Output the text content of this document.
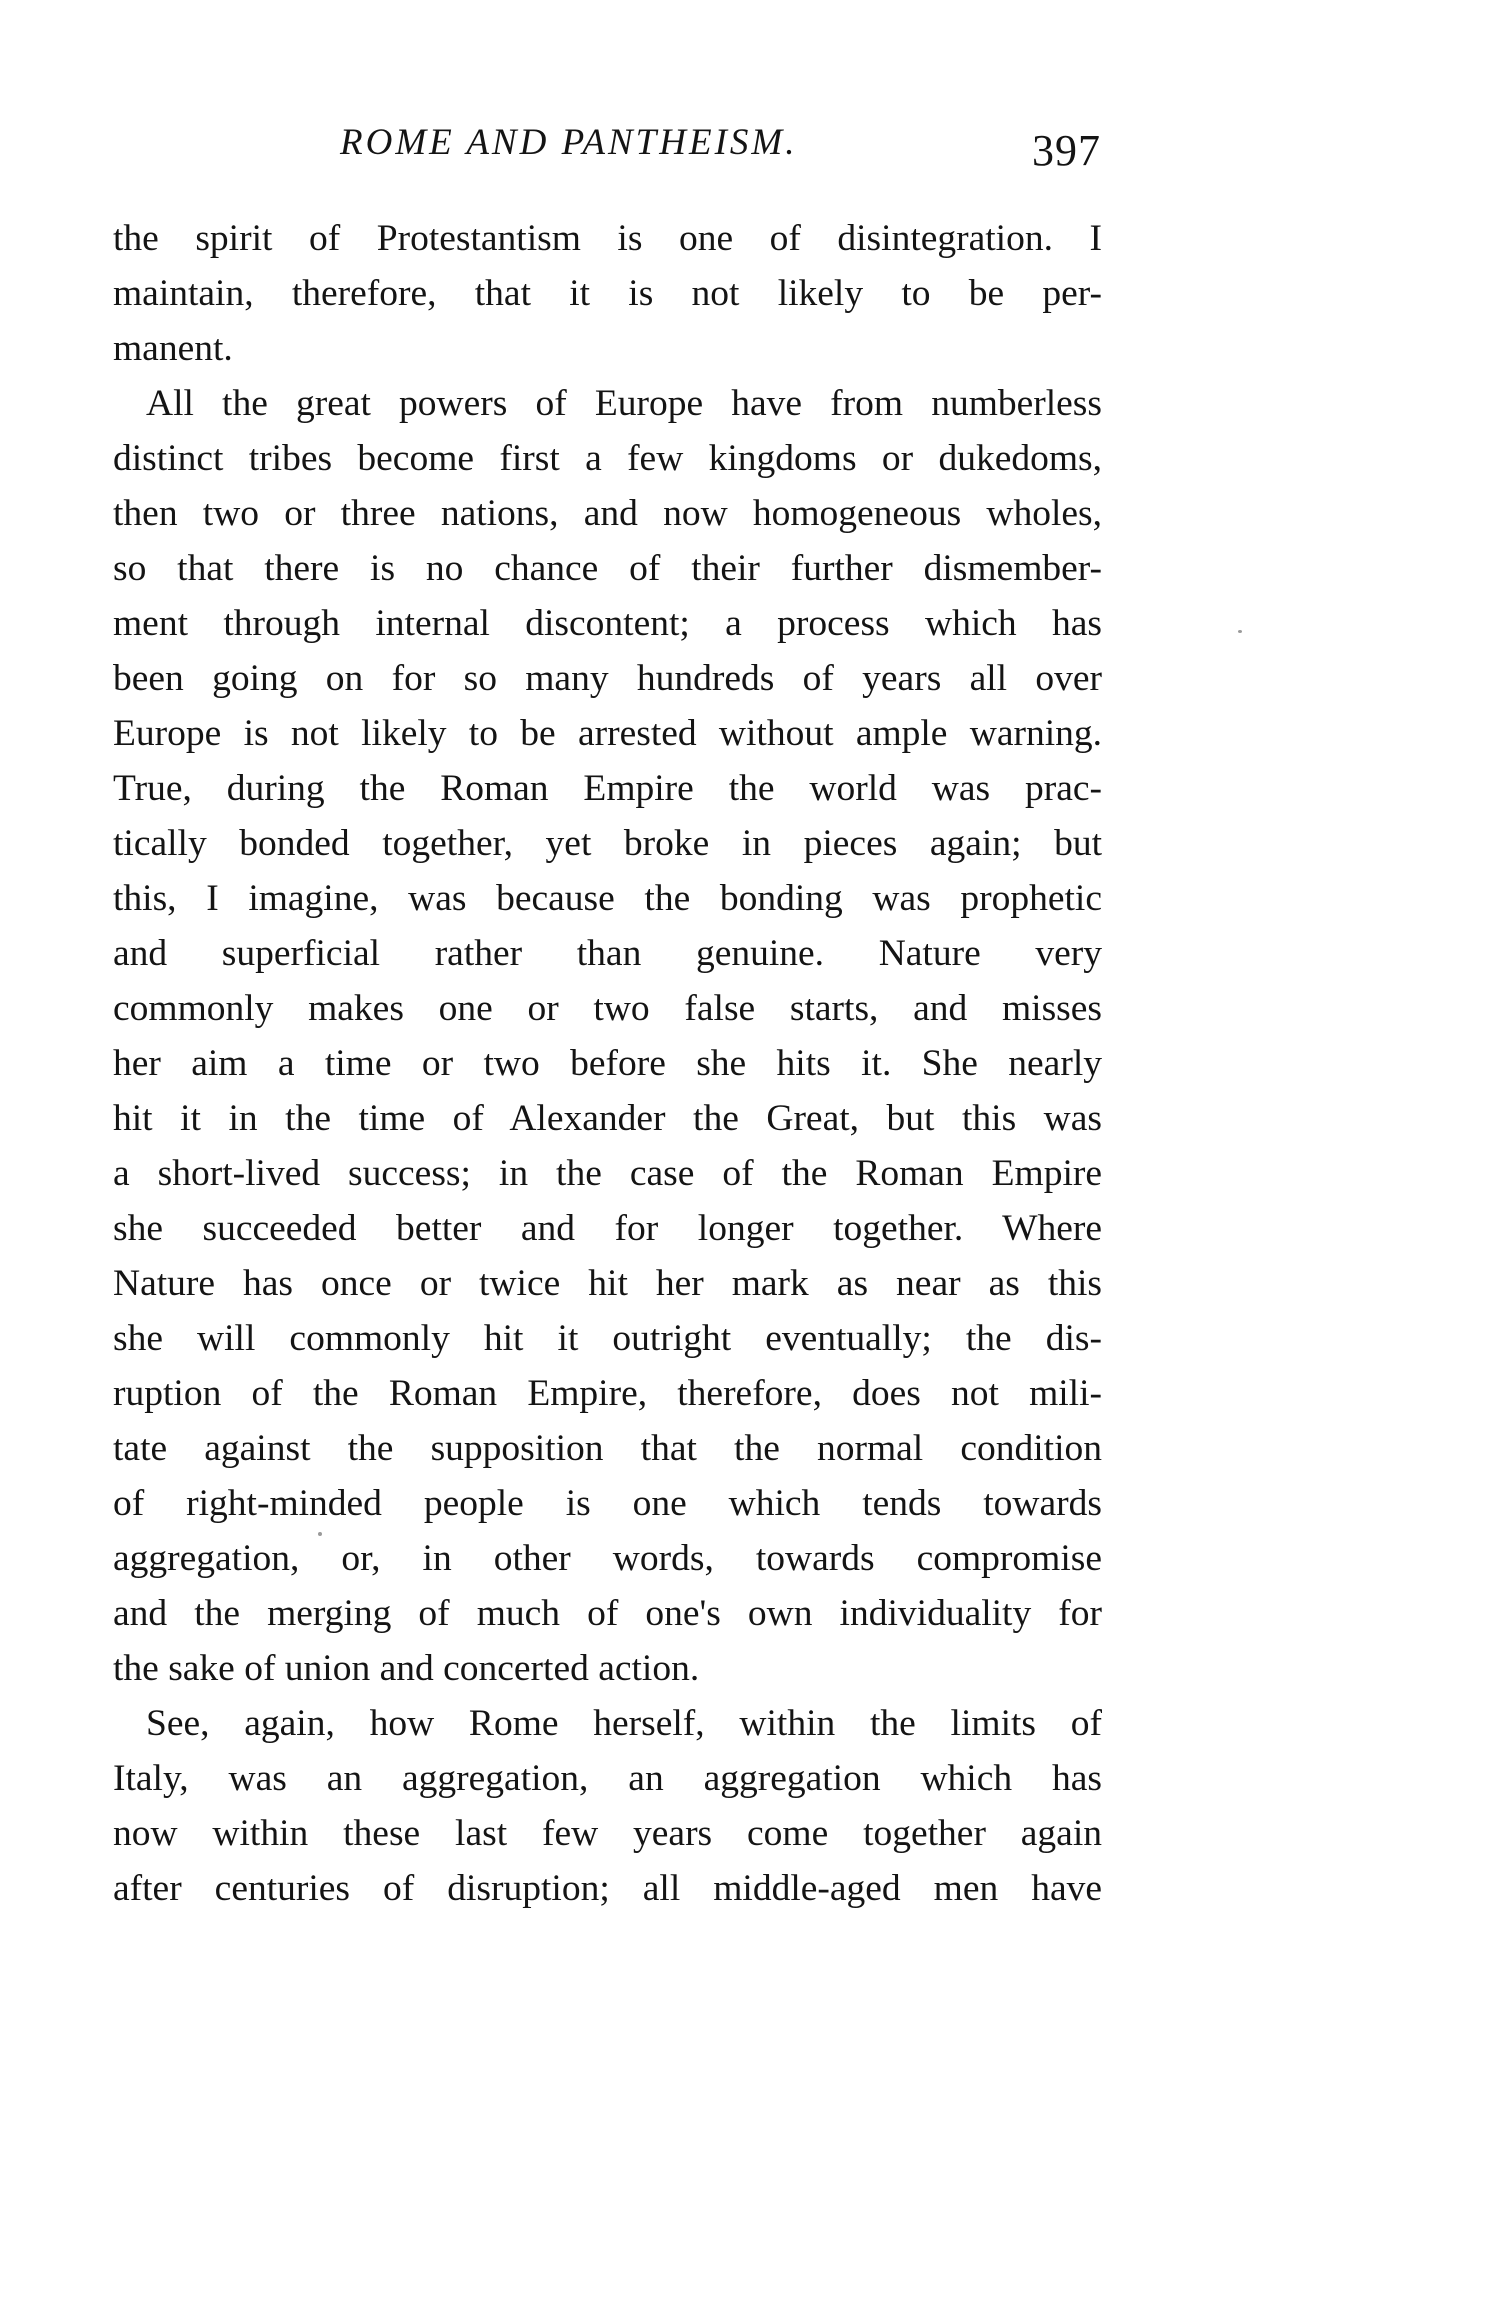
ROME AND PANTHEISM.	397
the spirit of Protestantism is one of disintegration. I
maintain, therefore, that it is not likely to be per-
manent.
All the great powers of Europe have from numberless
distinct tribes become first a few kingdoms or dukedoms,
then two or three nations, and now homogeneous wholes,
so that there is no chance of their further dismember-
ment through internal discontent; a process which has
been going on for so many hundreds of years all over
Europe is not likely to be arrested without ample warning.
True, during the Roman Empire the world was prac-
tically bonded together, yet broke in pieces again; but
this, I imagine, was because the bonding was prophetic
and superficial rather than genuine. Nature very
commonly makes one or two false starts, and misses
her aim a time or two before she hits it. She nearly
hit it in the time of Alexander the Great, but this was
a short-lived success; in the case of the Roman Empire
she succeeded better and for longer together. Where
Nature has once or twice hit her mark as near as this
she will commonly hit it outright eventually; the dis-
ruption of the Roman Empire, therefore, does not mili-
tate against the supposition that the normal condition
of right-minded people is one which tends towards
aggregation, or, in other words, towards compromise
and the merging of much of one's own individuality for
the sake of union and concerted action.
See, again, how Rome herself, within the limits of
Italy, was an aggregation, an aggregation which has
now within these last few years come together again
after centuries of disruption; all middle-aged men have
